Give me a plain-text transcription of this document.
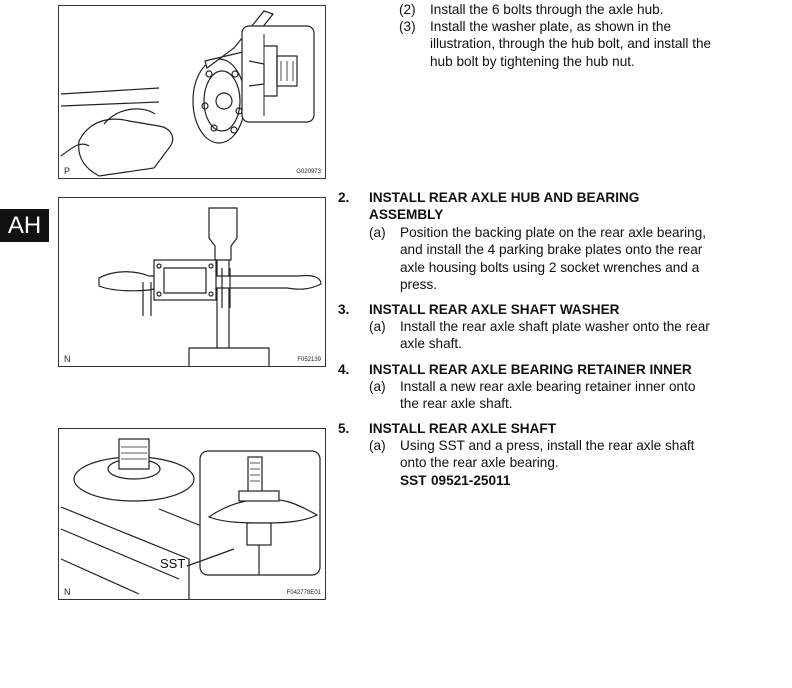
AH
P	G020973
N	F052139
SST
N	F042778E01
(2) Install the 6 bolts through the axle hub.
(3) Install the washer plate, as shown in the
illustration, through the hub bolt, and install the
hub bolt by tightening the hub nut.
2. INSTALL REAR AXLE HUB AND BEARING
ASSEMBLY
(a) Position the backing plate on the rear axle bearing,
and install the 4 parking brake plates onto the rear
axle housing bolts using 2 socket wrenches and a
press.
3. INSTALL REAR AXLE SHAFT WASHER
(a) Install the rear axle shaft plate washer onto the rear
axle shaft.
4. INSTALL REAR AXLE BEARING RETAINER INNER
(a) Install a new rear axle bearing retainer inner onto
the rear axle shaft.
5. INSTALL REAR AXLE SHAFT
(a) Using SST and a press, install the rear axle shaft
onto the rear axle bearing.
SST 09521-25011
